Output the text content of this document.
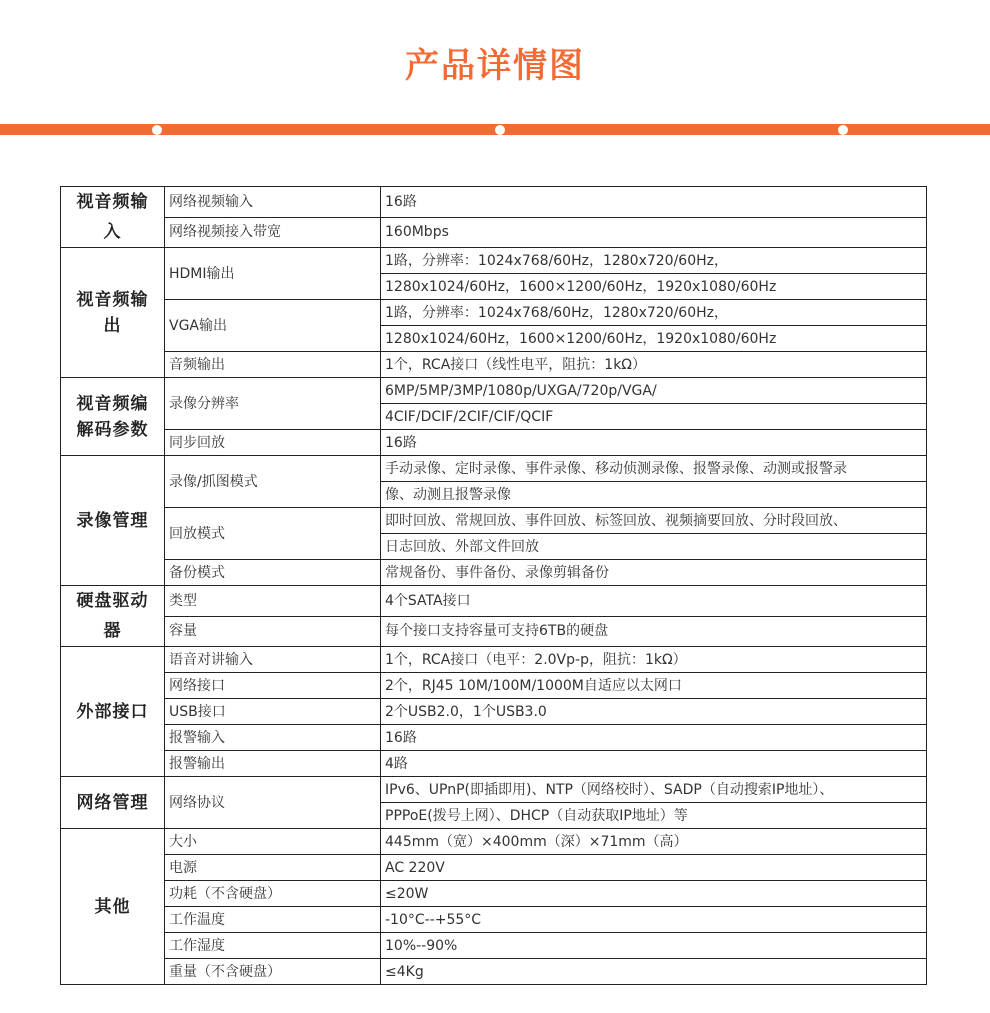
产品详情图
视音频输入	网络视频输入	16路
	网络视频接入带宽	160Mbps
视音频输出	HDMI输出	1路，分辨率：1024x768/60Hz，1280x720/60Hz，
		1280x1024/60Hz，1600×1200/60Hz，1920x1080/60Hz
	VGA输出	1路，分辨率：1024x768/60Hz，1280x720/60Hz，
		1280x1024/60Hz，1600×1200/60Hz，1920x1080/60Hz
	音频输出	1个，RCA接口（线性电平，阻抗：1kΩ）
视音频编解码参数	录像分辨率	6MP/5MP/3MP/1080p/UXGA/720p/VGA/
		4CIF/DCIF/2CIF/CIF/QCIF
	同步回放	16路
录像管理	录像/抓图模式	手动录像、定时录像、事件录像、移动侦测录像、报警录像、动测或报警录
		像、动测且报警录像
	回放模式	即时回放、常规回放、事件回放、标签回放、视频摘要回放、分时段回放、
		日志回放、外部文件回放
	备份模式	常规备份、事件备份、录像剪辑备份
硬盘驱动器	类型	4个SATA接口
	容量	每个接口支持容量可支持6TB的硬盘
外部接口	语音对讲输入	1个，RCA接口（电平：2.0Vp-p，阻抗：1kΩ）
	网络接口	2个，RJ45 10M/100M/1000M自适应以太网口
	USB接口	2个USB2.0，1个USB3.0
	报警输入	16路
	报警输出	4路
网络管理	网络协议	IPv6、UPnP(即插即用)、NTP（网络校时）、SADP（自动搜索IP地址）、
		PPPoE(拨号上网）、DHCP（自动获取IP地址）等
其他	大小	445mm（宽）×400mm（深）×71mm（高）
	电源	AC 220V
	功耗（不含硬盘）	≤20W
	工作温度	-10°C--+55°C
	工作湿度	10%--90%
	重量（不含硬盘）	≤4Kg
